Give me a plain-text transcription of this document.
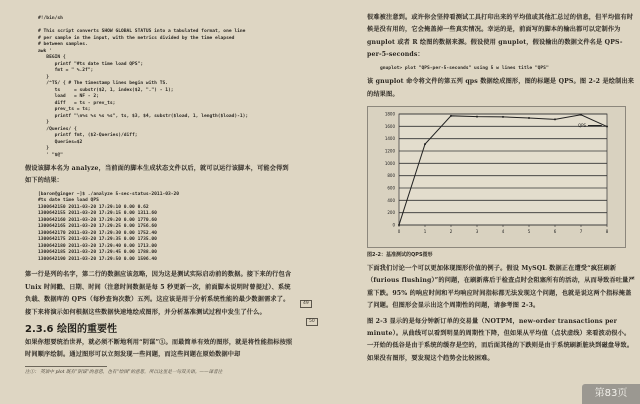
#!/bin/sh

# This script converts SHOW GLOBAL STATUS into a tabulated format, one line
# per sample in the input, with the metrics divided by the time elapsed
# between samples.
awk '
BEGIN {
printf "#ts date time load QPS";
fmt = " %.2f";
}
/^TS/ { # The timestamp lines begin with TS.
ts     = substr($2, 1, index($2, ".") - 1);
load   = NF - 2;
diff   = ts - prev_ts;
prev_ts = ts;
printf "\n%s %s %s %s", ts, $3, $4, substr($load, 1, length($load)-1);
}
/Queries/ {
printf fmt, ($2-Queries)/diff;
Queries=$2
}
' "$@"
假设该脚本名为 analyze，当前面的脚本生成状态文件以后，就可以运行该脚本，可能会得到如下的结果：
[baron@ginger ~]$ ./analyze 5-sec-status-2011-03-20
#ts date time load QPS
1300642150 2011-03-20 17:29:10 0.00 0.62
1300642155 2011-03-20 17:29:15 0.00 1311.60
1300642160 2011-03-20 17:29:20 0.00 1770.60
1300642165 2011-03-20 17:29:25 0.00 1756.60
1300642170 2011-03-20 17:29:30 0.00 1752.40
1300642175 2011-03-20 17:29:35 0.00 1735.00
1300642180 2011-03-20 17:29:40 0.00 1713.00
1300642185 2011-03-20 17:29:45 0.00 1788.00
1300642190 2011-03-20 17:29:50 0.00 1596.40
第一行是列的名字，第二行的数据应该忽略，因为这是测试实际启动前的数据。接下来的行包含 Unix 时间戳、日期、时间（注意时间数据是每 5 秒更新一次，前面脚本说明时曾提过）、系统负载、数据库的 QPS（每秒查询次数）五列。这应该是用于分析系统性能的最少数据需求了。接下来将演示如何根据这些数据快速地绘成图形，并分析基准测试过程中发生了什么。
2.3.6 绘图的重要性
如果你想要统治世界，就必须不断地利用“阴谋”①。而最简单有效的图形，就是将性能指标按照时间顺序绘制。通过图形可以立刻发现一些问题，而这些问题在原始数据中却
注①： 英语中 plot 既有“阴谋”的意思，也有“绘图”的意思，所以这里是一句双关语。——译者注
49
很难被注意到。或许你会坚持看测试工具打印出来的平均值或其他汇总过的信息，但平均值有时候是没有用的，它会掩盖掉一些真实情况。幸运的是，前面写的脚本的输出都可以定制作为 gnuplot 或者 R 绘图的数据来源。假设使用 gnuplot，假设输出的数据文件名是 QPS-per-5-seconds：
gnuplot> plot "QPS-per-5-seconds" using 5 w lines title "QPS"
该 gnuplot 命令将文件的第五列 qps 数据绘成图形，图的标题是 QPS。图 2-2 是绘制出来的结果图。
0
200
400
600
800
1000
1200
1400
1600
1800
0	1	2	3	4	5	6	7	8
QPS
图2-2：基准测试的QPS图形
下面我们讨论一个可以更加体现图形价值的例子。假设 MySQL 数据正在遭受“疯狂刷新（furious flushing）”的问题，在刷新落后于检查点时会阻塞所有的活动，从而导致吞吐量严重下跌。95% 的响应时间和平均响应时间指标都无法发现这个问题，也就是说这两个指标掩盖了问题。但图形会显示出这个周期性的问题，请参考图 2-3。
图 2-3 显示的是每分钟新订单的交易量（NOTPM，new-order transactions per minute）。从曲线可以看到明显的周期性下降，但如果从平均值（点状虚线）来看波动很小。一开始的低谷是由于系统的缓存是空的，而后面其他的下跌则是由于系统刷新脏块到磁盘导致。如果没有图形，要发现这个趋势会比较困难。
50
第83页
